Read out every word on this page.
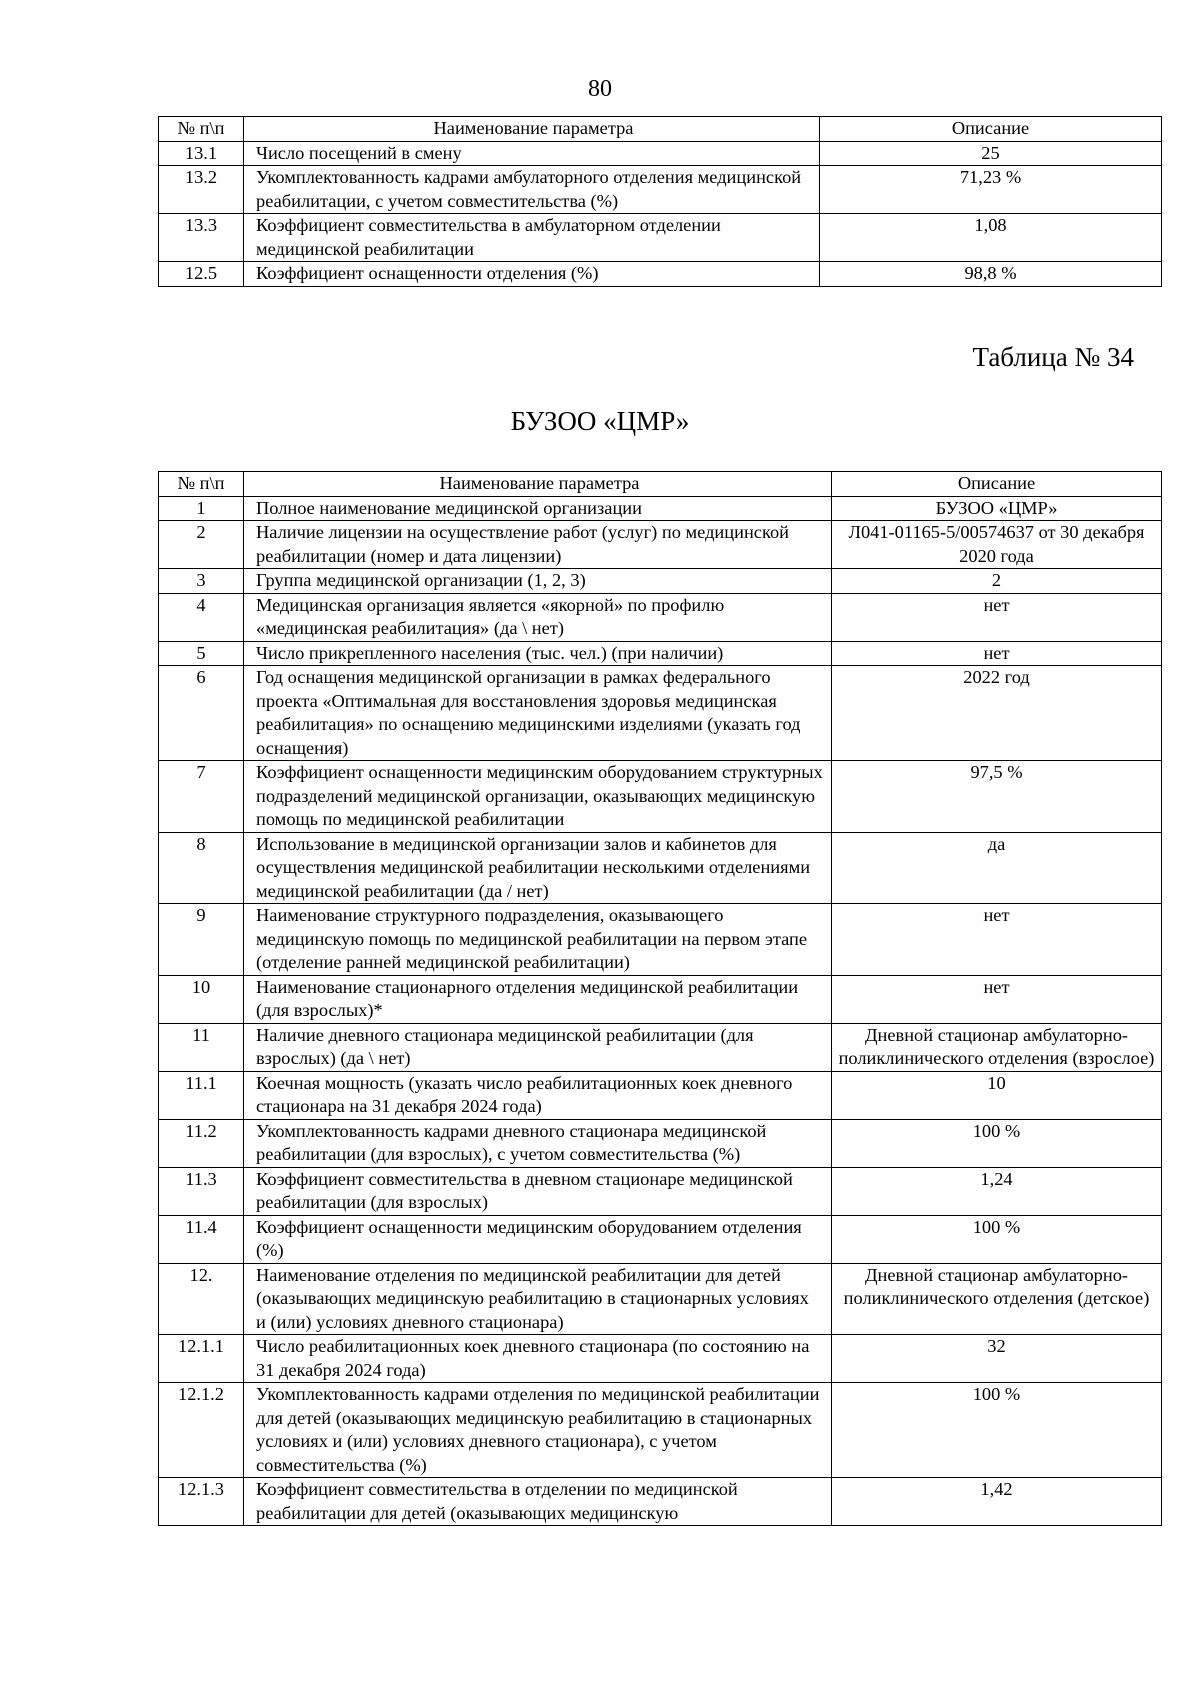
80
№ п\п	Наименование параметра	Описание
13.1	Число посещений в смену	25
13.2	Укомплектованность кадрами амбулаторного отделения медицинской реабилитации, с учетом совместительства (%)	71,23 %
13.3	Коэффициент совместительства в амбулаторном отделении медицинской реабилитации	1,08
12.5	Коэффициент оснащенности отделения (%)	98,8 %
Таблица № 34
БУЗОО «ЦМР»
№ п\п	Наименование параметра	Описание
1	Полное наименование медицинской организации	БУЗОО «ЦМР»
2	Наличие лицензии на осуществление работ (услуг) по медицинской реабилитации (номер и дата лицензии)	Л041-01165-5/00574637 от 30 декабря 2020 года
3	Группа медицинской организации (1, 2, 3)	2
4	Медицинская организация является «якорной» по профилю «медицинская реабилитация» (да \ нет)	нет
5	Число прикрепленного населения (тыс. чел.) (при наличии)	нет
6	Год оснащения медицинской организации в рамках федерального проекта «Оптимальная для восстановления здоровья медицинская реабилитация» по оснащению медицинскими изделиями (указать год оснащения)	2022 год
7	Коэффициент оснащенности медицинским оборудованием структурных подразделений медицинской организации, оказывающих медицинскую помощь по медицинской реабилитации	97,5 %
8	Использование в медицинской организации залов и кабинетов для осуществления медицинской реабилитации несколькими отделениями медицинской реабилитации (да / нет)	да
9	Наименование структурного подразделения, оказывающего медицинскую помощь по медицинской реабилитации на первом этапе (отделение ранней медицинской реабилитации)	нет
10	Наименование стационарного отделения медицинской реабилитации (для взрослых)*	нет
11	Наличие дневного стационара медицинской реабилитации (для взрослых) (да \ нет)	Дневной стационар амбулаторно-поликлинического отделения (взрослое)
11.1	Коечная мощность (указать число реабилитационных коек дневного стационара на 31 декабря 2024 года)	10
11.2	Укомплектованность кадрами дневного стационара медицинской реабилитации (для взрослых), с учетом совместительства (%)	100 %
11.3	Коэффициент совместительства в дневном стационаре медицинской реабилитации (для взрослых)	1,24
11.4	Коэффициент оснащенности медицинским оборудованием отделения (%)	100 %
12.	Наименование отделения по медицинской реабилитации для детей (оказывающих медицинскую реабилитацию в стационарных условиях и (или) условиях дневного стационара)	Дневной стационар амбулаторно-поликлинического отделения (детское)
12.1.1	Число реабилитационных коек дневного стационара (по состоянию на 31 декабря 2024 года)	32
12.1.2	Укомплектованность кадрами отделения по медицинской реабилитации для детей (оказывающих медицинскую реабилитацию в стационарных условиях и (или) условиях дневного стационара), с учетом совместительства (%)	100 %
12.1.3	Коэффициент совместительства в отделении по медицинской реабилитации для детей (оказывающих медицинскую	1,42
